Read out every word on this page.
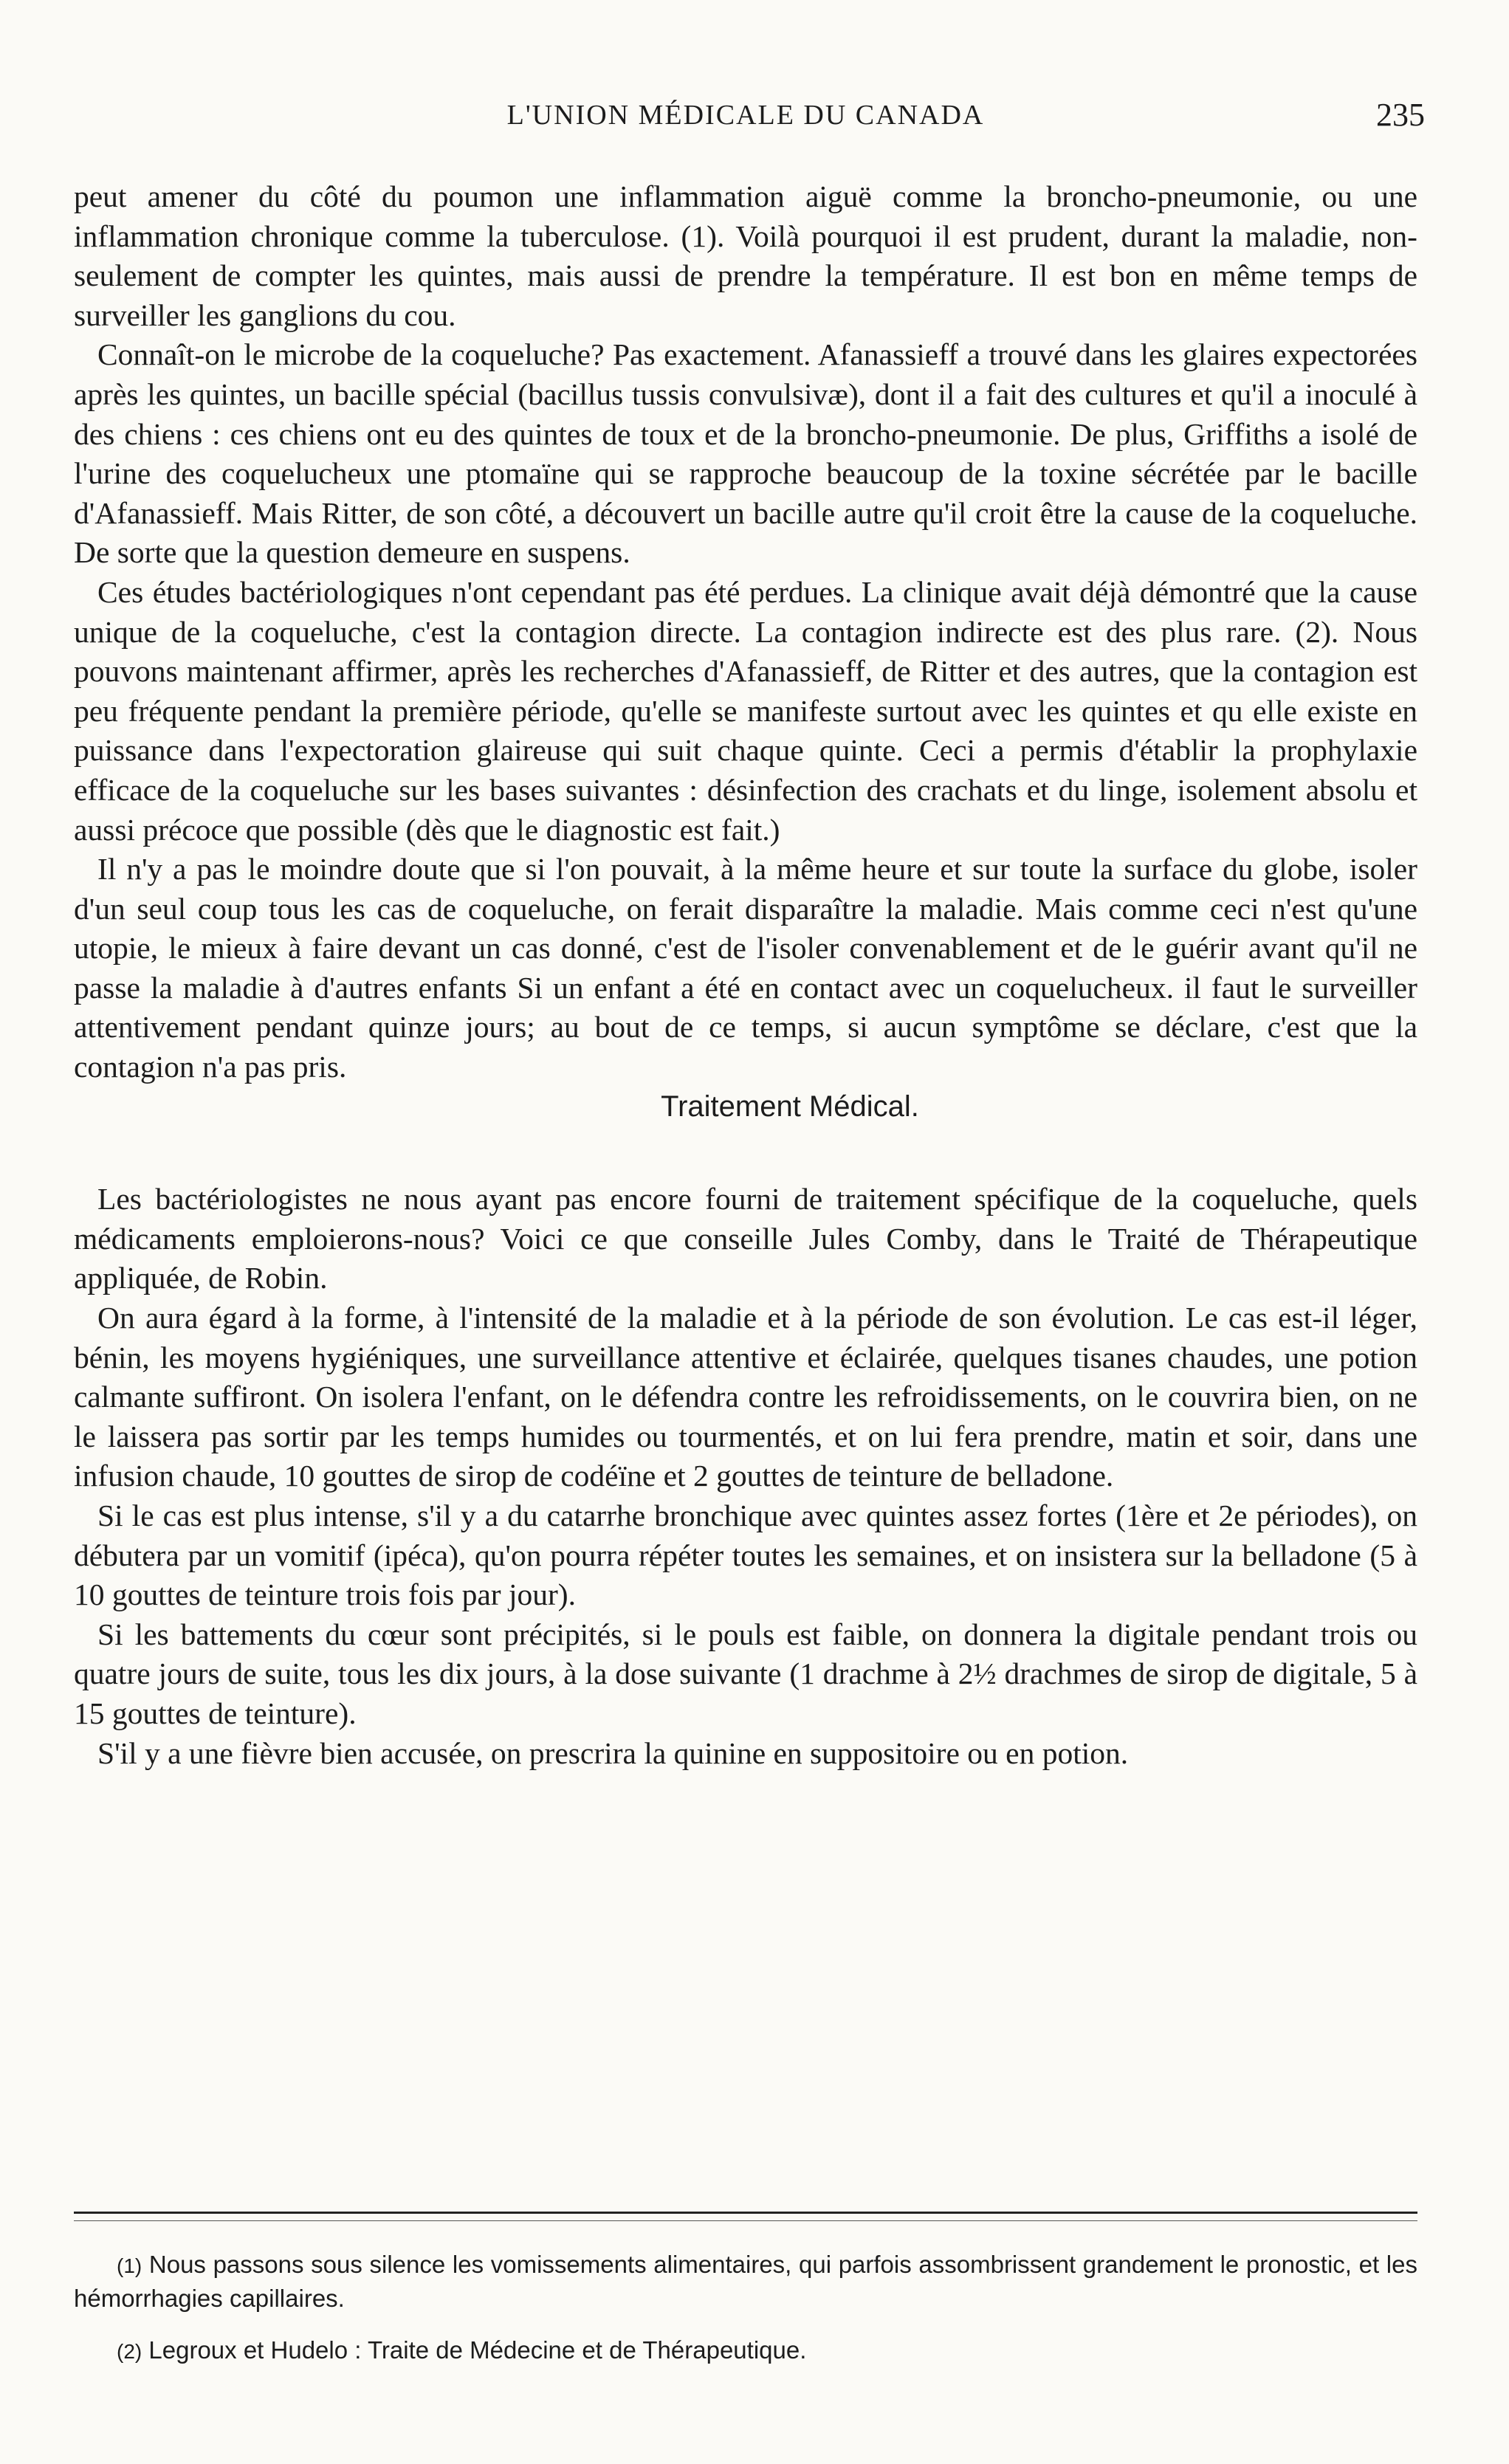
L'UNION MÉDICALE DU CANADA	235

peut amener du côté du poumon une inflammation aiguë comme la broncho-pneumonie, ou une inflammation chronique comme la tuberculose. (1). Voilà pourquoi il est prudent, durant la maladie, non-seulement de compter les quintes, mais aussi de prendre la température. Il est bon en même temps de surveiller les ganglions du cou.

Connaît-on le microbe de la coqueluche? Pas exactement. Afanassieff a trouvé dans les glaires expectorées après les quintes, un bacille spécial (bacillus tussis convulsivæ), dont il a fait des cultures et qu'il a inoculé à des chiens : ces chiens ont eu des quintes de toux et de la broncho-pneumonie. De plus, Griffiths a isolé de l'urine des coquelucheux une ptomaïne qui se rapproche beaucoup de la toxine sécrétée par le bacille d'Afanassieff. Mais Ritter, de son côté, a découvert un bacille autre qu'il croit être la cause de la coqueluche. De sorte que la question demeure en suspens.

Ces études bactériologiques n'ont cependant pas été perdues. La clinique avait déjà démontré que la cause unique de la coqueluche, c'est la contagion directe. La contagion indirecte est des plus rare. (2). Nous pouvons maintenant affirmer, après les recherches d'Afanassieff, de Ritter et des autres, que la contagion est peu fréquente pendant la première période, qu'elle se manifeste surtout avec les quintes et qu elle existe en puissance dans l'expectoration glaireuse qui suit chaque quinte. Ceci a permis d'établir la prophylaxie efficace de la coqueluche sur les bases suivantes : désinfection des crachats et du linge, isolement absolu et aussi précoce que possible (dès que le diagnostic est fait.)

Il n'y a pas le moindre doute que si l'on pouvait, à la même heure et sur toute la surface du globe, isoler d'un seul coup tous les cas de coqueluche, on ferait disparaître la maladie. Mais comme ceci n'est qu'une utopie, le mieux à faire devant un cas donné, c'est de l'isoler convenablement et de le guérir avant qu'il ne passe la maladie à d'autres enfants Si un enfant a été en contact avec un coquelucheux. il faut le surveiller attentivement pendant quinze jours; au bout de ce temps, si aucun symptôme se déclare, c'est que la contagion n'a pas pris.

Traitement Médical.

Les bactériologistes ne nous ayant pas encore fourni de traitement spécifique de la coqueluche, quels médicaments emploierons-nous? Voici ce que conseille Jules Comby, dans le Traité de Thérapeutique appliquée, de Robin.

On aura égard à la forme, à l'intensité de la maladie et à la période de son évolution. Le cas est-il léger, bénin, les moyens hygiéniques, une surveillance attentive et éclairée, quelques tisanes chaudes, une potion calmante suffiront. On isolera l'enfant, on le défendra contre les refroidissements, on le couvrira bien, on ne le laissera pas sortir par les temps humides ou tourmentés, et on lui fera prendre, matin et soir, dans une infusion chaude, 10 gouttes de sirop de codéïne et 2 gouttes de teinture de belladone.

Si le cas est plus intense, s'il y a du catarrhe bronchique avec quintes assez fortes (1ère et 2e périodes), on débutera par un vomitif (ipéca), qu'on pourra répéter toutes les semaines, et on insistera sur la belladone (5 à 10 gouttes de teinture trois fois par jour).

Si les battements du cœur sont précipités, si le pouls est faible, on donnera la digitale pendant trois ou quatre jours de suite, tous les dix jours, à la dose suivante (1 drachme à 2½ drachmes de sirop de digitale, 5 à 15 gouttes de teinture).

S'il y a une fièvre bien accusée, on prescrira la quinine en suppositoire ou en potion.

(1) Nous passons sous silence les vomissements alimentaires, qui parfois assombrissent grandement le pronostic, et les hémorrhagies capillaires.

(2) Legroux et Hudelo : Traite de Médecine et de Thérapeutique.
